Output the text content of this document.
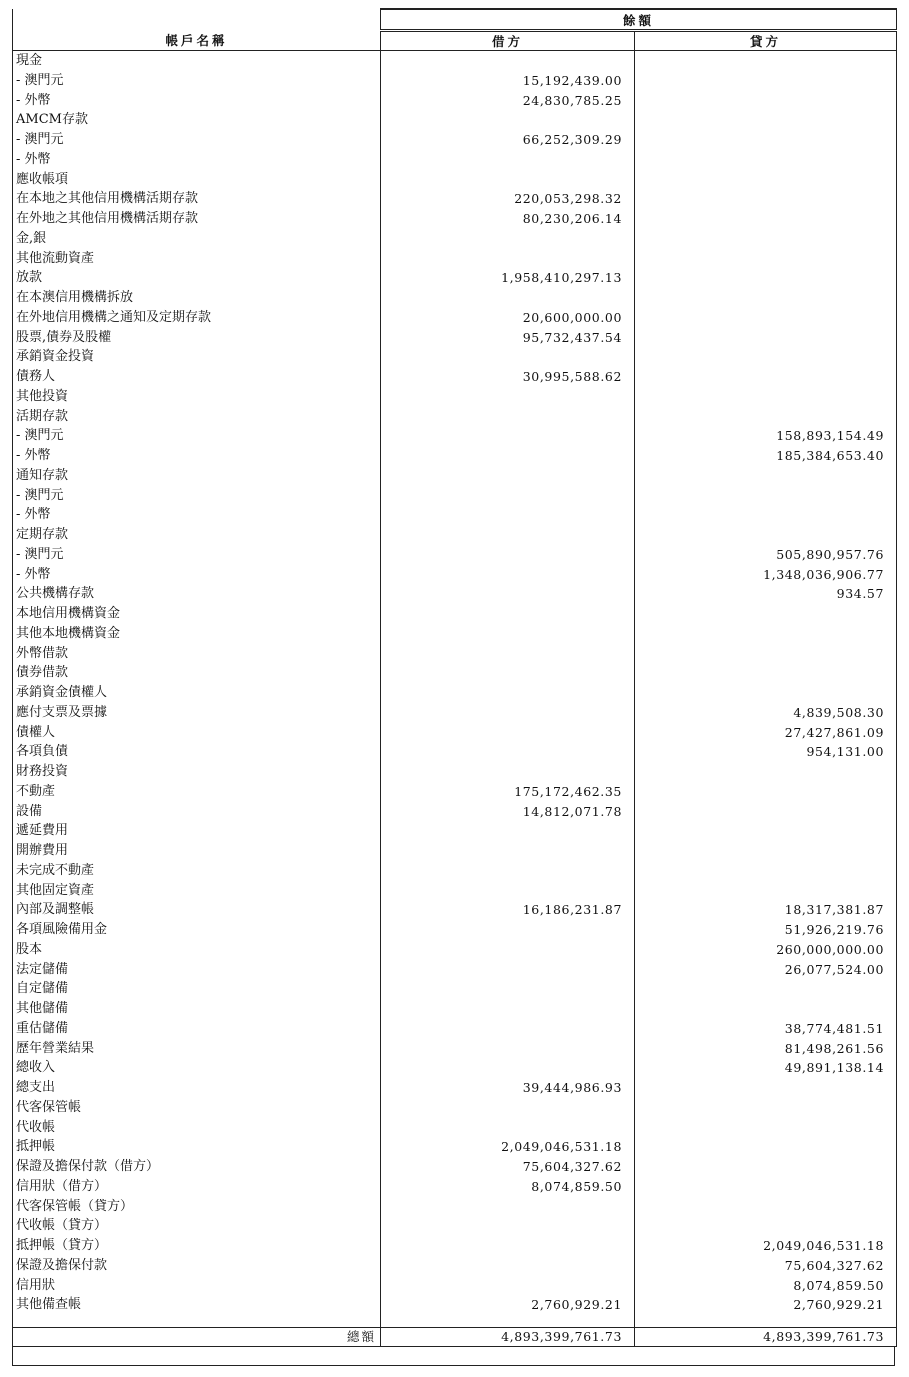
	餘額	
帳戶名稱	借方	貸方
現金		
- 澳門元	15,192,439.00	
- 外幣	24,830,785.25	
AMCM存款		
- 澳門元	66,252,309.29	
- 外幣		
應收帳項		
在本地之其他信用機構活期存款	220,053,298.32	
在外地之其他信用機構活期存款	80,230,206.14	
金,銀		
其他流動資產		
放款	1,958,410,297.13	
在本澳信用機構拆放		
在外地信用機構之通知及定期存款	20,600,000.00	
股票,債券及股權	95,732,437.54	
承銷資金投資		
債務人	30,995,588.62	
其他投資		
活期存款		
- 澳門元		158,893,154.49
- 外幣		185,384,653.40
通知存款		
- 澳門元		
- 外幣		
定期存款		
- 澳門元		505,890,957.76
- 外幣		1,348,036,906.77
公共機構存款		934.57
本地信用機構資金		
其他本地機構資金		
外幣借款		
債券借款		
承銷資金債權人		
應付支票及票據		4,839,508.30
債權人		27,427,861.09
各項負債		954,131.00
財務投資		
不動產	175,172,462.35	
設備	14,812,071.78	
遞延費用		
開辦費用		
未完成不動產		
其他固定資產		
內部及調整帳	16,186,231.87	18,317,381.87
各項風險備用金		51,926,219.76
股本		260,000,000.00
法定儲備		26,077,524.00
自定儲備		
其他儲備		
重估儲備		38,774,481.51
歷年營業結果		81,498,261.56
總收入		49,891,138.14
總支出	39,444,986.93	
代客保管帳		
代收帳		
抵押帳	2,049,046,531.18	
保證及擔保付款（借方）	75,604,327.62	
信用狀（借方）	8,074,859.50	
代客保管帳（貸方）		
代收帳（貸方）		
抵押帳（貸方）		2,049,046,531.18
保證及擔保付款		75,604,327.62
信用狀		8,074,859.50
其他備查帳	2,760,929.21	2,760,929.21

總額	4,893,399,761.73	4,893,399,761.73
